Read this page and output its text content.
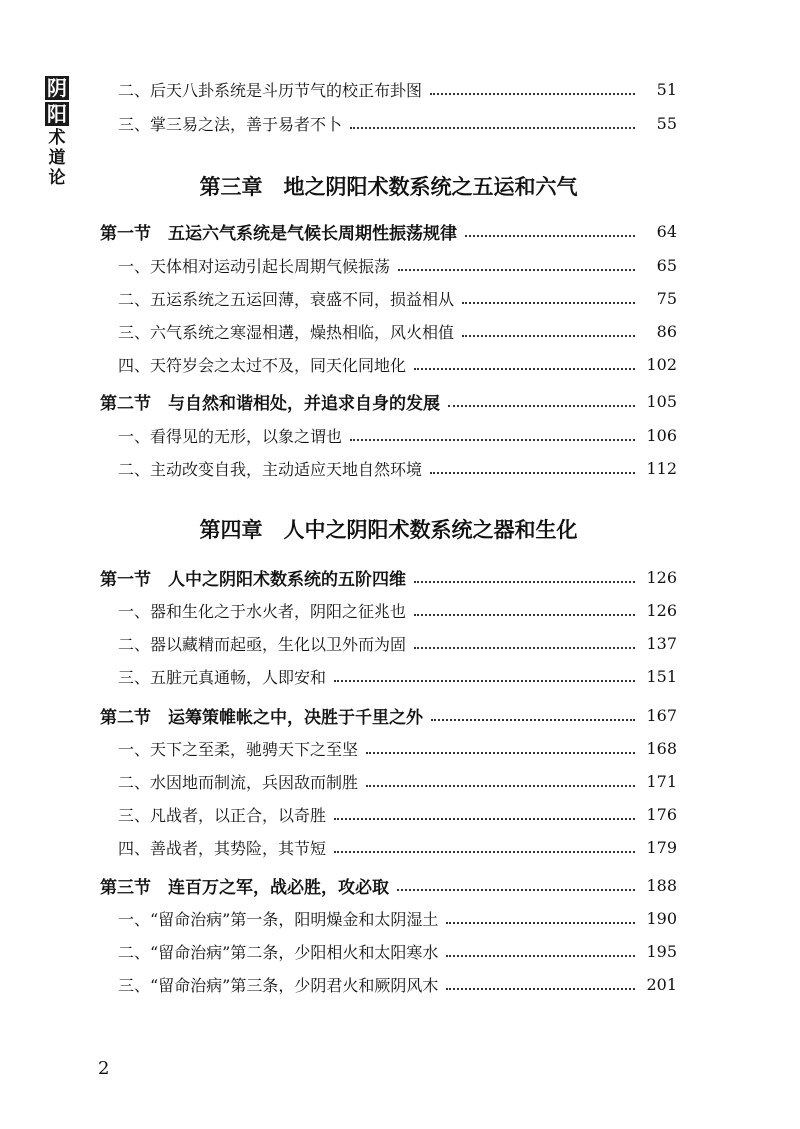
阴
阳
术
道
论
二、后天八卦系统是斗历节气的校正布卦图	51
三、掌三易之法，善于易者不卜	55
第三章　地之阴阳术数系统之五运和六气
第一节　五运六气系统是气候长周期性振荡规律	64
一、天体相对运动引起长周期气候振荡	65
二、五运系统之五运回薄，衰盛不同，损益相从	75
三、六气系统之寒湿相遘，燥热相临，风火相值	86
四、天符岁会之太过不及，同天化同地化	102
第二节　与自然和谐相处，并追求自身的发展	105
一、看得见的无形，以象之谓也	106
二、主动改变自我，主动适应天地自然环境	112
第四章　人中之阴阳术数系统之器和生化
第一节　人中之阴阳术数系统的五阶四维	126
一、器和生化之于水火者，阴阳之征兆也	126
二、器以藏精而起亟，生化以卫外而为固	137
三、五脏元真通畅，人即安和	151
第二节　运筹策帷帐之中，决胜于千里之外	167
一、天下之至柔，驰骋天下之至坚	168
二、水因地而制流，兵因敌而制胜	171
三、凡战者，以正合，以奇胜	176
四、善战者，其势险，其节短	179
第三节　连百万之军，战必胜，攻必取	188
一、“留命治病”第一条，阳明燥金和太阴湿土	190
二、“留命治病”第二条，少阳相火和太阳寒水	195
三、“留命治病”第三条，少阴君火和厥阴风木	201
2
